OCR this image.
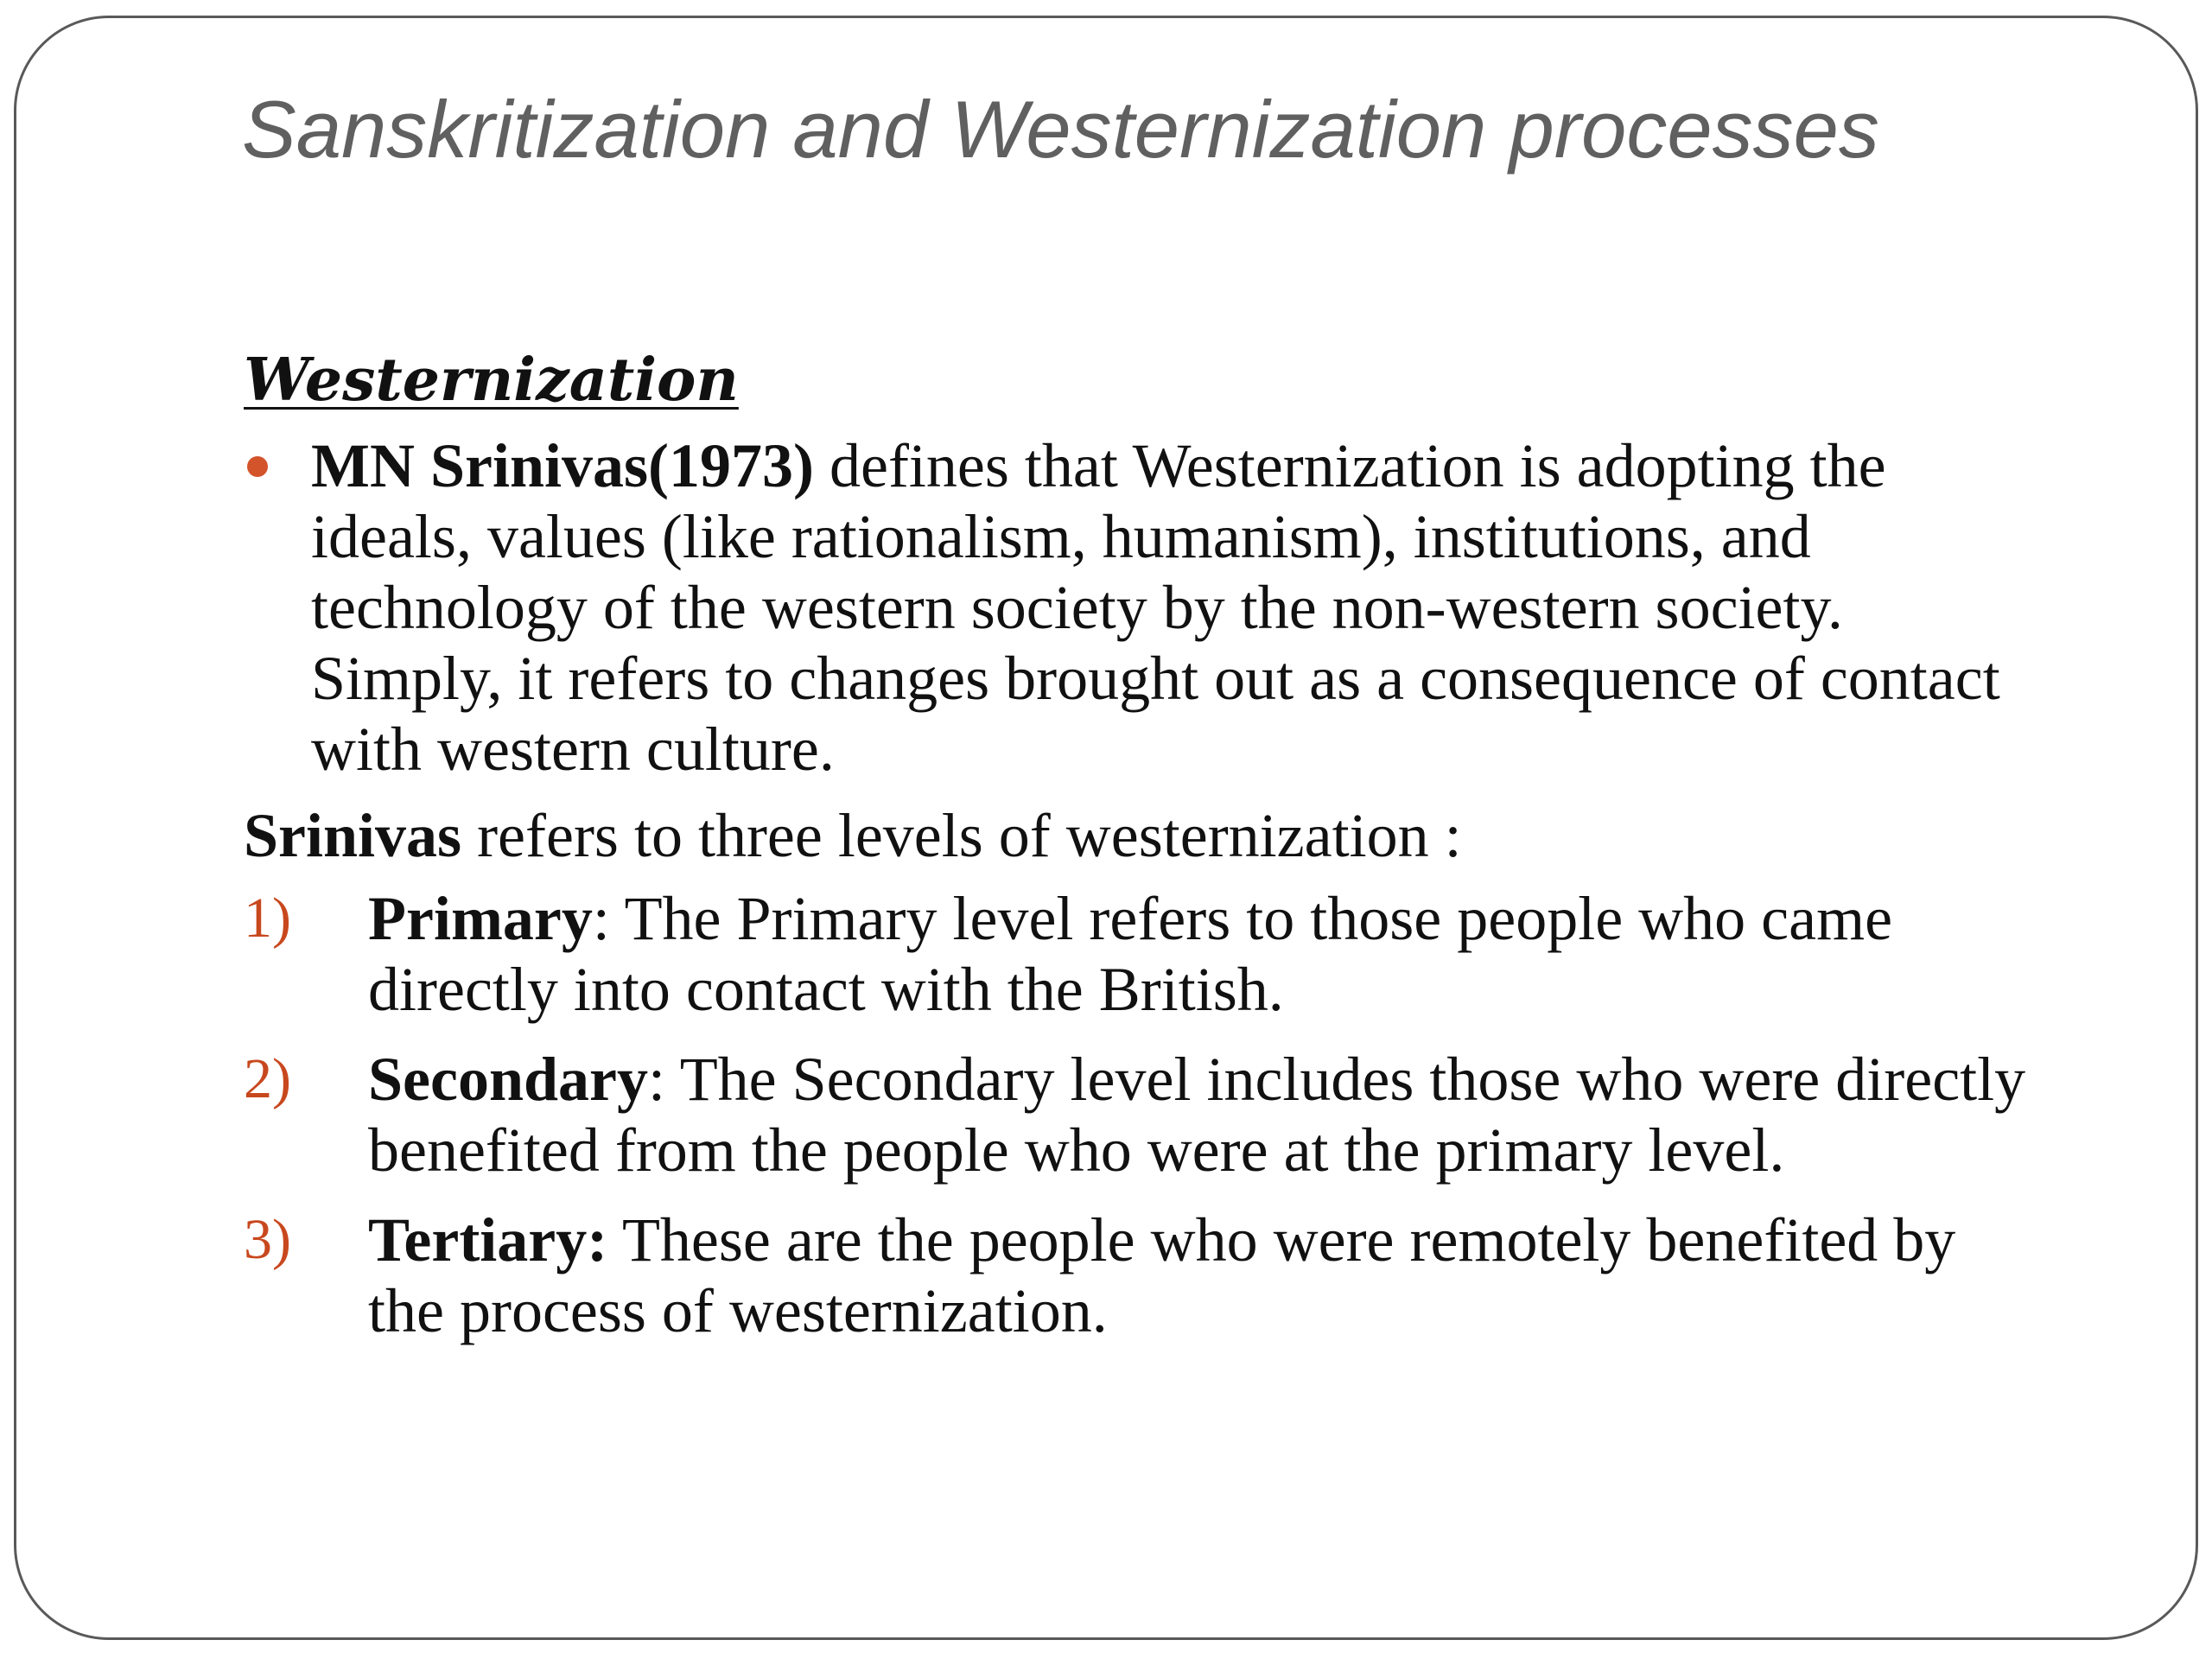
Sanskritization and Westernization processes
Westernization
MN Srinivas(1973) defines that Westernization is adopting the ideals, values (like rationalism, humanism), institutions, and technology of the western society by the non-western society. Simply, it refers to changes brought out as a consequence of contact with western culture.

Srinivas refers to three levels of westernization :

1) Primary: The Primary level refers to those people who came directly into contact with the British.
2) Secondary: The Secondary level includes those who were directly benefited from the people who were at the primary level.
3) Tertiary: These are the people who were remotely benefited by the process of westernization.
